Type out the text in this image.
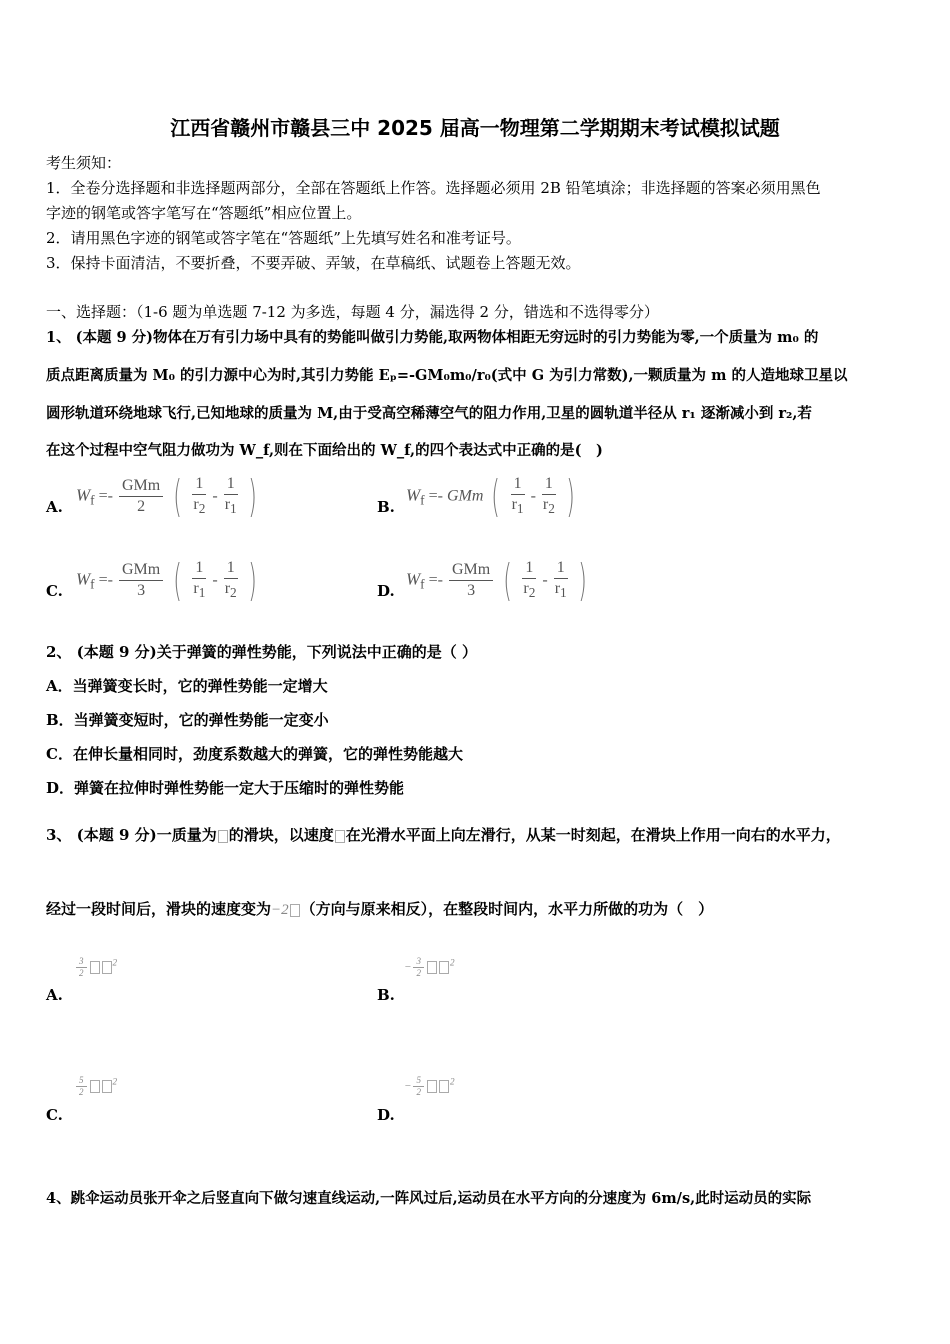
江西省赣州市赣县三中 2025 届高一物理第二学期期末考试模拟试题
考生须知：
1．全卷分选择题和非选择题两部分，全部在答题纸上作答。选择题必须用 2B 铅笔填涂；非选择题的答案必须用黑色
字迹的钢笔或答字笔写在“答题纸”相应位置上。
2．请用黑色字迹的钢笔或答字笔在“答题纸”上先填写姓名和准考证号。
3．保持卡面清洁，不要折叠，不要弄破、弄皱，在草稿纸、试题卷上答题无效。
一、选择题：（1-6 题为单选题 7-12 为多选，每题 4 分，漏选得 2 分，错选和不选得零分）
1、 (本题 9 分)物体在万有引力场中具有的势能叫做引力势能,取两物体相距无穷远时的引力势能为零,一个质量为 m₀ 的
质点距离质量为 M₀ 的引力源中心为时,其引力势能 Eₚ=-GM₀m₀/r₀(式中 G 为引力常数),一颗质量为 m 的人造地球卫星以
圆形轨道环绕地球飞行,已知地球的质量为 M,由于受高空稀薄空气的阻力作用,卫星的圆轨道半径从 r₁ 逐渐减小到 r₂,若
在这个过程中空气阻力做功为 W_f,则在下面给出的 W_f,的四个表达式中正确的是(　)
A.
$W_f =- \frac{\text{GMm}}{2}$ ( $\frac{1}{r_2} - \frac{1}{r_1}$ )	B.
$W_f$ =- GMm ( $\frac{1}{r_1} - \frac{1}{r_2}$ )
C.
$W_f =- \frac{\text{GMm}}{3}$ ( $\frac{1}{r_1} - \frac{1}{r_2}$ )	D.
$W_f =- \frac{\text{GMm}}{3}$ ( $\frac{1}{r_2} - \frac{1}{r_1}$ )
2、 (本题 9 分)关于弹簧的弹性势能，下列说法中正确的是（ ）
A．当弹簧变长时，它的弹性势能一定增大
B．当弹簧变短时，它的弹性势能一定变小
C．在伸长量相同时，劲度系数越大的弹簧，它的弹性势能越大
D．弹簧在拉伸时弹性势能一定大于压缩时的弹性势能
3、 (本题 9 分)一质量为 的滑块，以速度 在光滑水平面上向左滑行，从某一时刻起，在滑块上作用一向右的水平力，
经过一段时间后，滑块的速度变为−2 （方向与原来相反），在整段时间内，水平力所做的功为（　）
A.
$\frac{3}{2}$	$^2$
B.
− $\frac{3}{2}$	$^2$
C.
$\frac{5}{2}$	$^2$
D.
− $\frac{5}{2}$	$^2$
4、跳伞运动员张开伞之后竖直向下做匀速直线运动,一阵风过后,运动员在水平方向的分速度为 6m/s,此时运动员的实际
